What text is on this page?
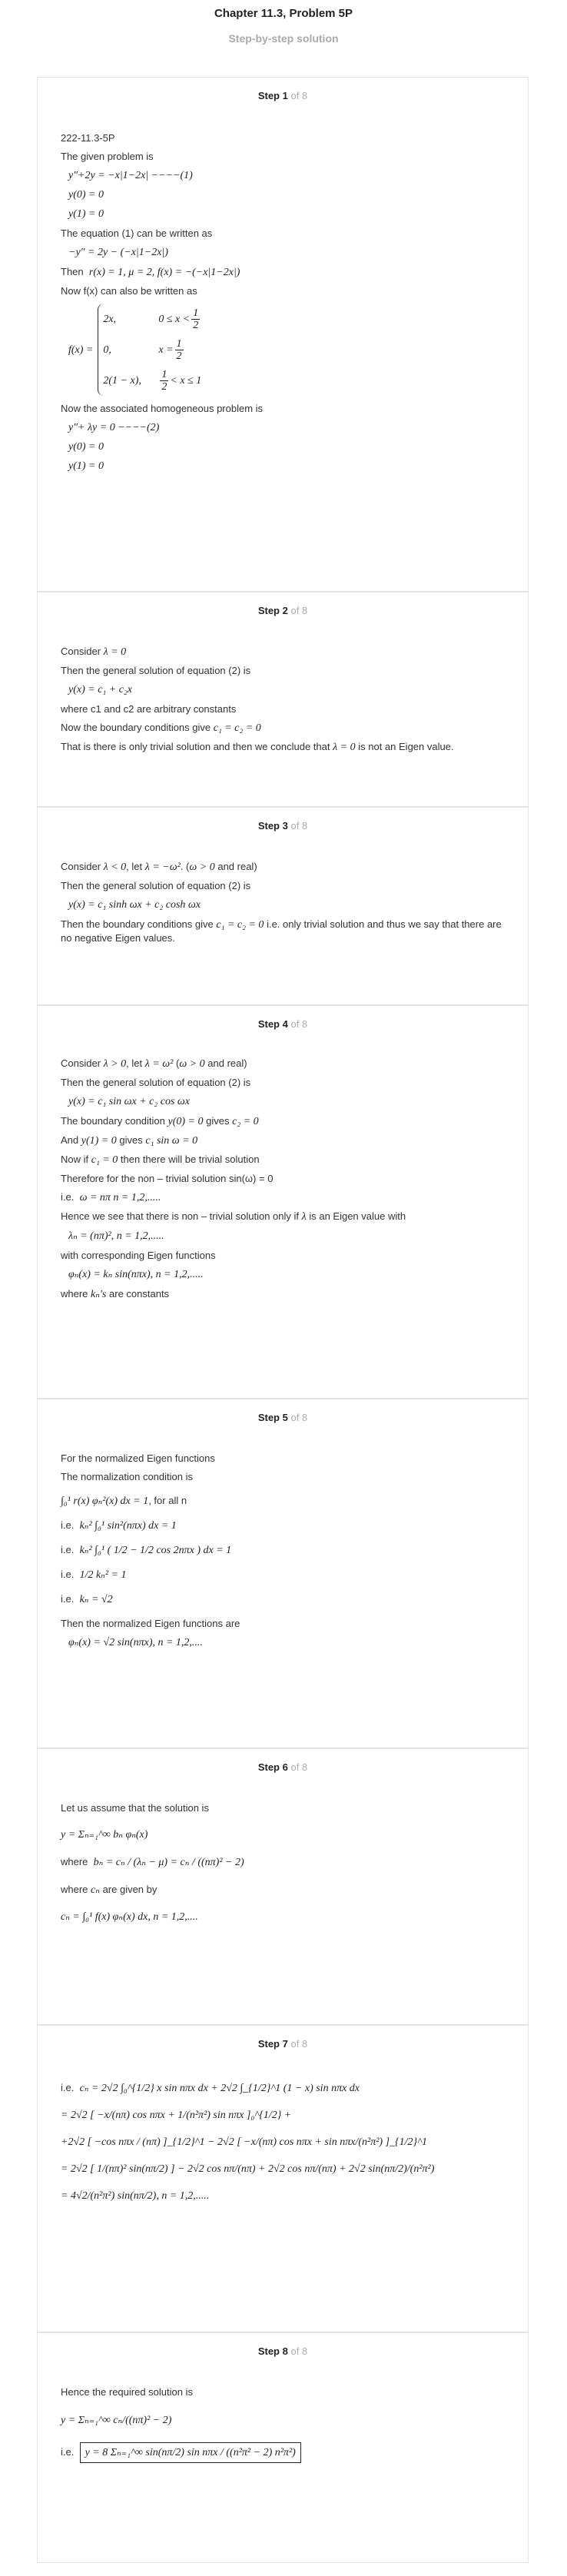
Chapter 11.3, Problem 5P
Step-by-step solution
Step 1 of 8
222-11.3-5P
The given problem is
y″+2y = −x|1−2x| −−−−(1)
y(0) = 0
y(1) = 0
The equation (1) can be written as
−y″ = 2y − (−x|1−2x|)
Then r(x) = 1, μ = 2, f(x) = −(−x|1−2x|)
Now f(x) can also be written as
f(x) =
2x,	$0 \le x < \frac{1}{2}$
0,	$x = \frac{1}{2}$
2(1 − x),	$\frac{1}{2} < x \le 1$
Now the associated homogeneous problem is
y″+ λy = 0 −−−−(2)
y(0) = 0
y(1) = 0
Step 2 of 8
Consider λ = 0
Then the general solution of equation (2) is
y(x) = c₁ + c₂x
where c1 and c2 are arbitrary constants
Now the boundary conditions give c₁ = c₂ = 0
That is there is only trivial solution and then we conclude that λ = 0 is not an Eigen value.
Step 3 of 8
Consider λ < 0, let λ = −ω². (ω > 0 and real)
Then the general solution of equation (2) is
y(x) = c₁ sinh ωx + c₂ cosh ωx
Then the boundary conditions give c₁ = c₂ = 0 i.e. only trivial solution and thus we say that there are no negative Eigen values.
Step 4 of 8
Consider λ > 0, let λ = ω² (ω > 0 and real)
Then the general solution of equation (2) is
y(x) = c₁ sin ωx + c₂ cos ωx
The boundary condition y(0) = 0 gives c₂ = 0
And y(1) = 0 gives c₁ sin ω = 0
Now if c₁ = 0 then there will be trivial solution
Therefore for the non – trivial solution sin(ω) = 0
i.e. ω = nπ n = 1,2,.....
Hence we see that there is non – trivial solution only if λ is an Eigen value with
λₙ = (nπ)², n = 1,2,.....
with corresponding Eigen functions
φₙ(x) = kₙ sin(nπx), n = 1,2,.....
where kₙ's are constants
Step 5 of 8
For the normalized Eigen functions
The normalization condition is
∫₀¹ r(x) φₙ²(x) dx = 1, for all n
i.e. kₙ² ∫₀¹ sin²(nπx) dx = 1
i.e. kₙ² ∫₀¹ ( 1/2 − 1/2 cos 2nπx ) dx = 1
i.e. 1/2 kₙ² = 1
i.e. kₙ = √2
Then the normalized Eigen functions are
φₙ(x) = √2 sin(nπx), n = 1,2,....
Step 6 of 8
Let us assume that the solution is
y = Σₙ₌₁^∞ bₙ φₙ(x)
where bₙ = cₙ / (λₙ − μ) = cₙ / ((nπ)² − 2)
where cₙ are given by
cₙ = ∫₀¹ f(x) φₙ(x) dx, n = 1,2,....
Step 7 of 8
i.e. cₙ = 2√2 ∫₀^{1/2} x sin nπx dx + 2√2 ∫_{1/2}^1 (1 − x) sin nπx dx
= 2√2 [ −x/(nπ) cos nπx + 1/(n²π²) sin nπx ]₀^{1/2} +
+2√2 [ −cos nπx / (nπ) ]_{1/2}^1 − 2√2 [ −x/(nπ) cos nπx + sin nπx/(n²π²) ]_{1/2}^1
= 2√2 [ 1/(nπ)² sin(nπ/2) ] − 2√2 cos nπ/(nπ) + 2√2 cos nπ/(nπ) + 2√2 sin(nπ/2)/(n²π²)
= 4√2/(n²π²) sin(nπ/2), n = 1,2,.....
Step 8 of 8
Hence the required solution is
y = Σₙ₌₁^∞ cₙ/((nπ)² − 2)
i.e. y = 8 Σₙ₌₁^∞ sin(nπ/2) sin nπx / ((n²π² − 2) n²π²)
